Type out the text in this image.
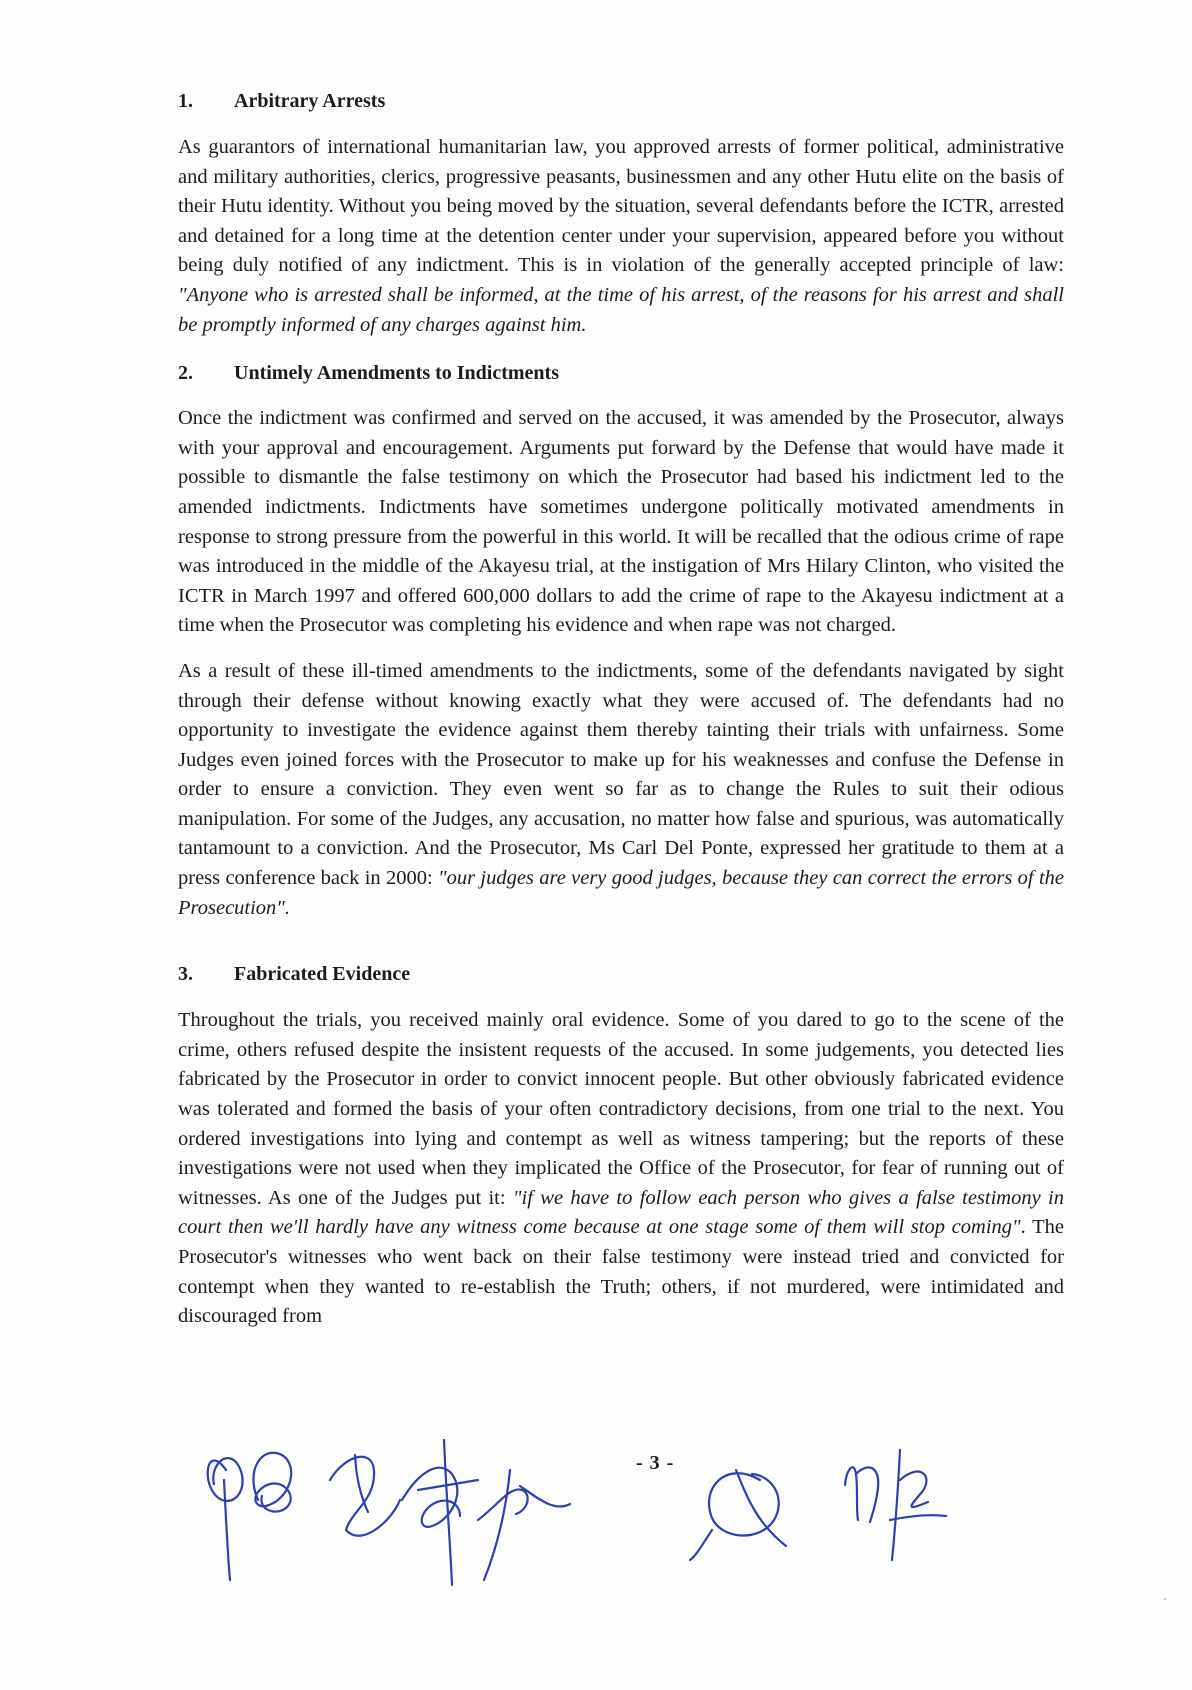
1. Arbitrary Arrests

As guarantors of international humanitarian law, you approved arrests of former political, administrative and military authorities, clerics, progressive peasants, businessmen and any other Hutu elite on the basis of their Hutu identity. Without you being moved by the situation, several defendants before the ICTR, arrested and detained for a long time at the detention center under your supervision, appeared before you without being duly notified of any indictment. This is in violation of the generally accepted principle of law: "Anyone who is arrested shall be informed, at the time of his arrest, of the reasons for his arrest and shall be promptly informed of any charges against him.

2. Untimely Amendments to Indictments

Once the indictment was confirmed and served on the accused, it was amended by the Prosecutor, always with your approval and encouragement. Arguments put forward by the Defense that would have made it possible to dismantle the false testimony on which the Prosecutor had based his indictment led to the amended indictments. Indictments have sometimes undergone politically motivated amendments in response to strong pressure from the powerful in this world. It will be recalled that the odious crime of rape was introduced in the middle of the Akayesu trial, at the instigation of Mrs Hilary Clinton, who visited the ICTR in March 1997 and offered 600,000 dollars to add the crime of rape to the Akayesu indictment at a time when the Prosecutor was completing his evidence and when rape was not charged.

As a result of these ill-timed amendments to the indictments, some of the defendants navigated by sight through their defense without knowing exactly what they were accused of. The defendants had no opportunity to investigate the evidence against them thereby tainting their trials with unfairness. Some Judges even joined forces with the Prosecutor to make up for his weaknesses and confuse the Defense in order to ensure a conviction. They even went so far as to change the Rules to suit their odious manipulation. For some of the Judges, any accusation, no matter how false and spurious, was automatically tantamount to a conviction. And the Prosecutor, Ms Carl Del Ponte, expressed her gratitude to them at a press conference back in 2000: "our judges are very good judges, because they can correct the errors of the Prosecution".

3. Fabricated Evidence

Throughout the trials, you received mainly oral evidence. Some of you dared to go to the scene of the crime, others refused despite the insistent requests of the accused. In some judgements, you detected lies fabricated by the Prosecutor in order to convict innocent people. But other obviously fabricated evidence was tolerated and formed the basis of your often contradictory decisions, from one trial to the next. You ordered investigations into lying and contempt as well as witness tampering; but the reports of these investigations were not used when they implicated the Office of the Prosecutor, for fear of running out of witnesses. As one of the Judges put it: "if we have to follow each person who gives a false testimony in court then we'll hardly have any witness come because at one stage some of them will stop coming". The Prosecutor's witnesses who went back on their false testimony were instead tried and convicted for contempt when they wanted to re-establish the Truth; others, if not murdered, were intimidated and discouraged from

- 3 -
